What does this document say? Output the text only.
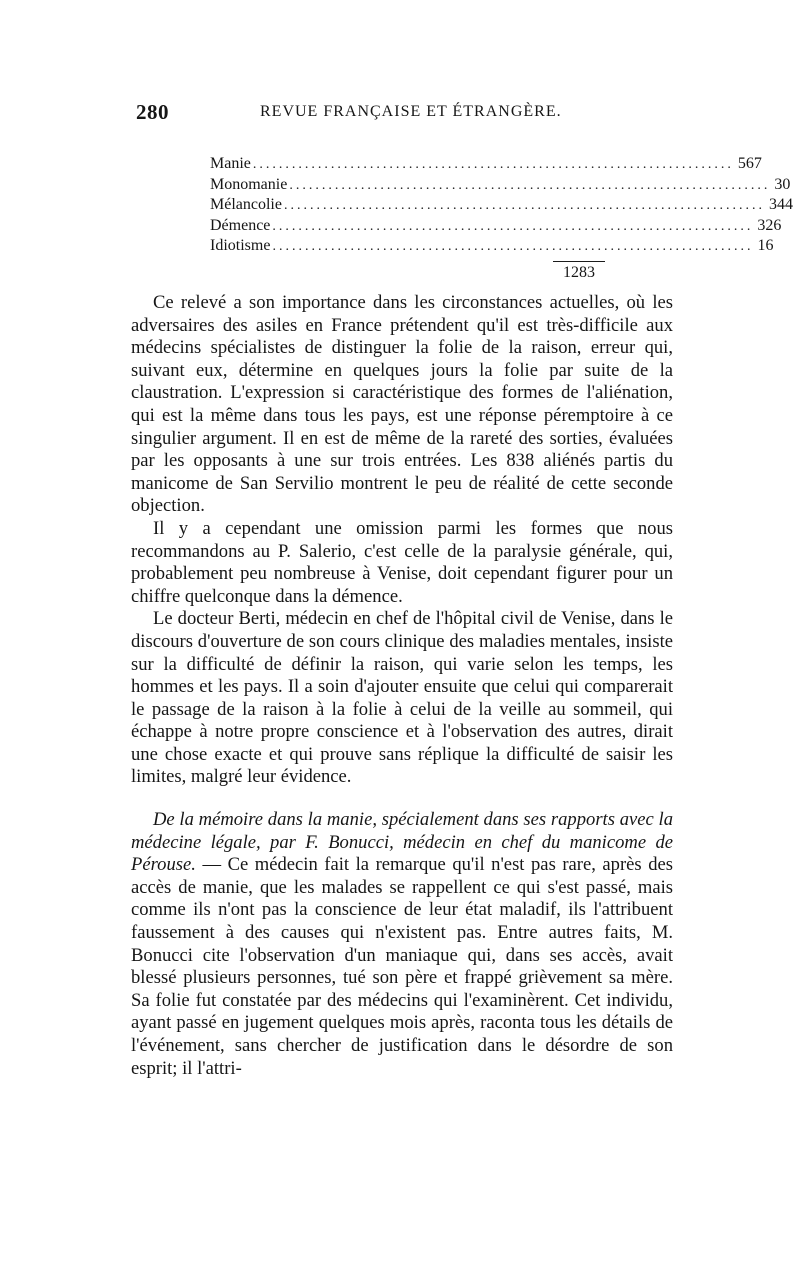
280	REVUE FRANÇAISE ET ÉTRANGÈRE.
Manie .......................................................................... 567
Monomanie .......................................................................... 30
Mélancolie .......................................................................... 344
Démence .......................................................................... 326
Idiotisme .......................................................................... 16
1283

Ce relevé a son importance dans les circonstances actuelles, où les adversaires des asiles en France prétendent qu'il est très-difficile aux médecins spécialistes de distinguer la folie de la raison, erreur qui, suivant eux, détermine en quelques jours la folie par suite de la claustration. L'expression si caractéristique des formes de l'aliénation, qui est la même dans tous les pays, est une réponse péremptoire à ce singulier argument. Il en est de même de la rareté des sorties, évaluées par les opposants à une sur trois entrées. Les 838 aliénés partis du manicome de San Servilio montrent le peu de réalité de cette seconde objection.

Il y a cependant une omission parmi les formes que nous recommandons au P. Salerio, c'est celle de la paralysie générale, qui, probablement peu nombreuse à Venise, doit cependant figurer pour un chiffre quelconque dans la démence.

Le docteur Berti, médecin en chef de l'hôpital civil de Venise, dans le discours d'ouverture de son cours clinique des maladies mentales, insiste sur la difficulté de définir la raison, qui varie selon les temps, les hommes et les pays. Il a soin d'ajouter ensuite que celui qui comparerait le passage de la raison à la folie à celui de la veille au sommeil, qui échappe à notre propre conscience et à l'observation des autres, dirait une chose exacte et qui prouve sans réplique la difficulté de saisir les limites, malgré leur évidence.

De la mémoire dans la manie, spécialement dans ses rapports avec la médecine légale, par F. Bonucci, médecin en chef du manicome de Pérouse. — Ce médecin fait la remarque qu'il n'est pas rare, après des accès de manie, que les malades se rappellent ce qui s'est passé, mais comme ils n'ont pas la conscience de leur état maladif, ils l'attribuent faussement à des causes qui n'existent pas. Entre autres faits, M. Bonucci cite l'observation d'un maniaque qui, dans ses accès, avait blessé plusieurs personnes, tué son père et frappé grièvement sa mère. Sa folie fut constatée par des médecins qui l'examinèrent. Cet individu, ayant passé en jugement quelques mois après, raconta tous les détails de l'événement, sans chercher de justification dans le désordre de son esprit; il l'attri-
